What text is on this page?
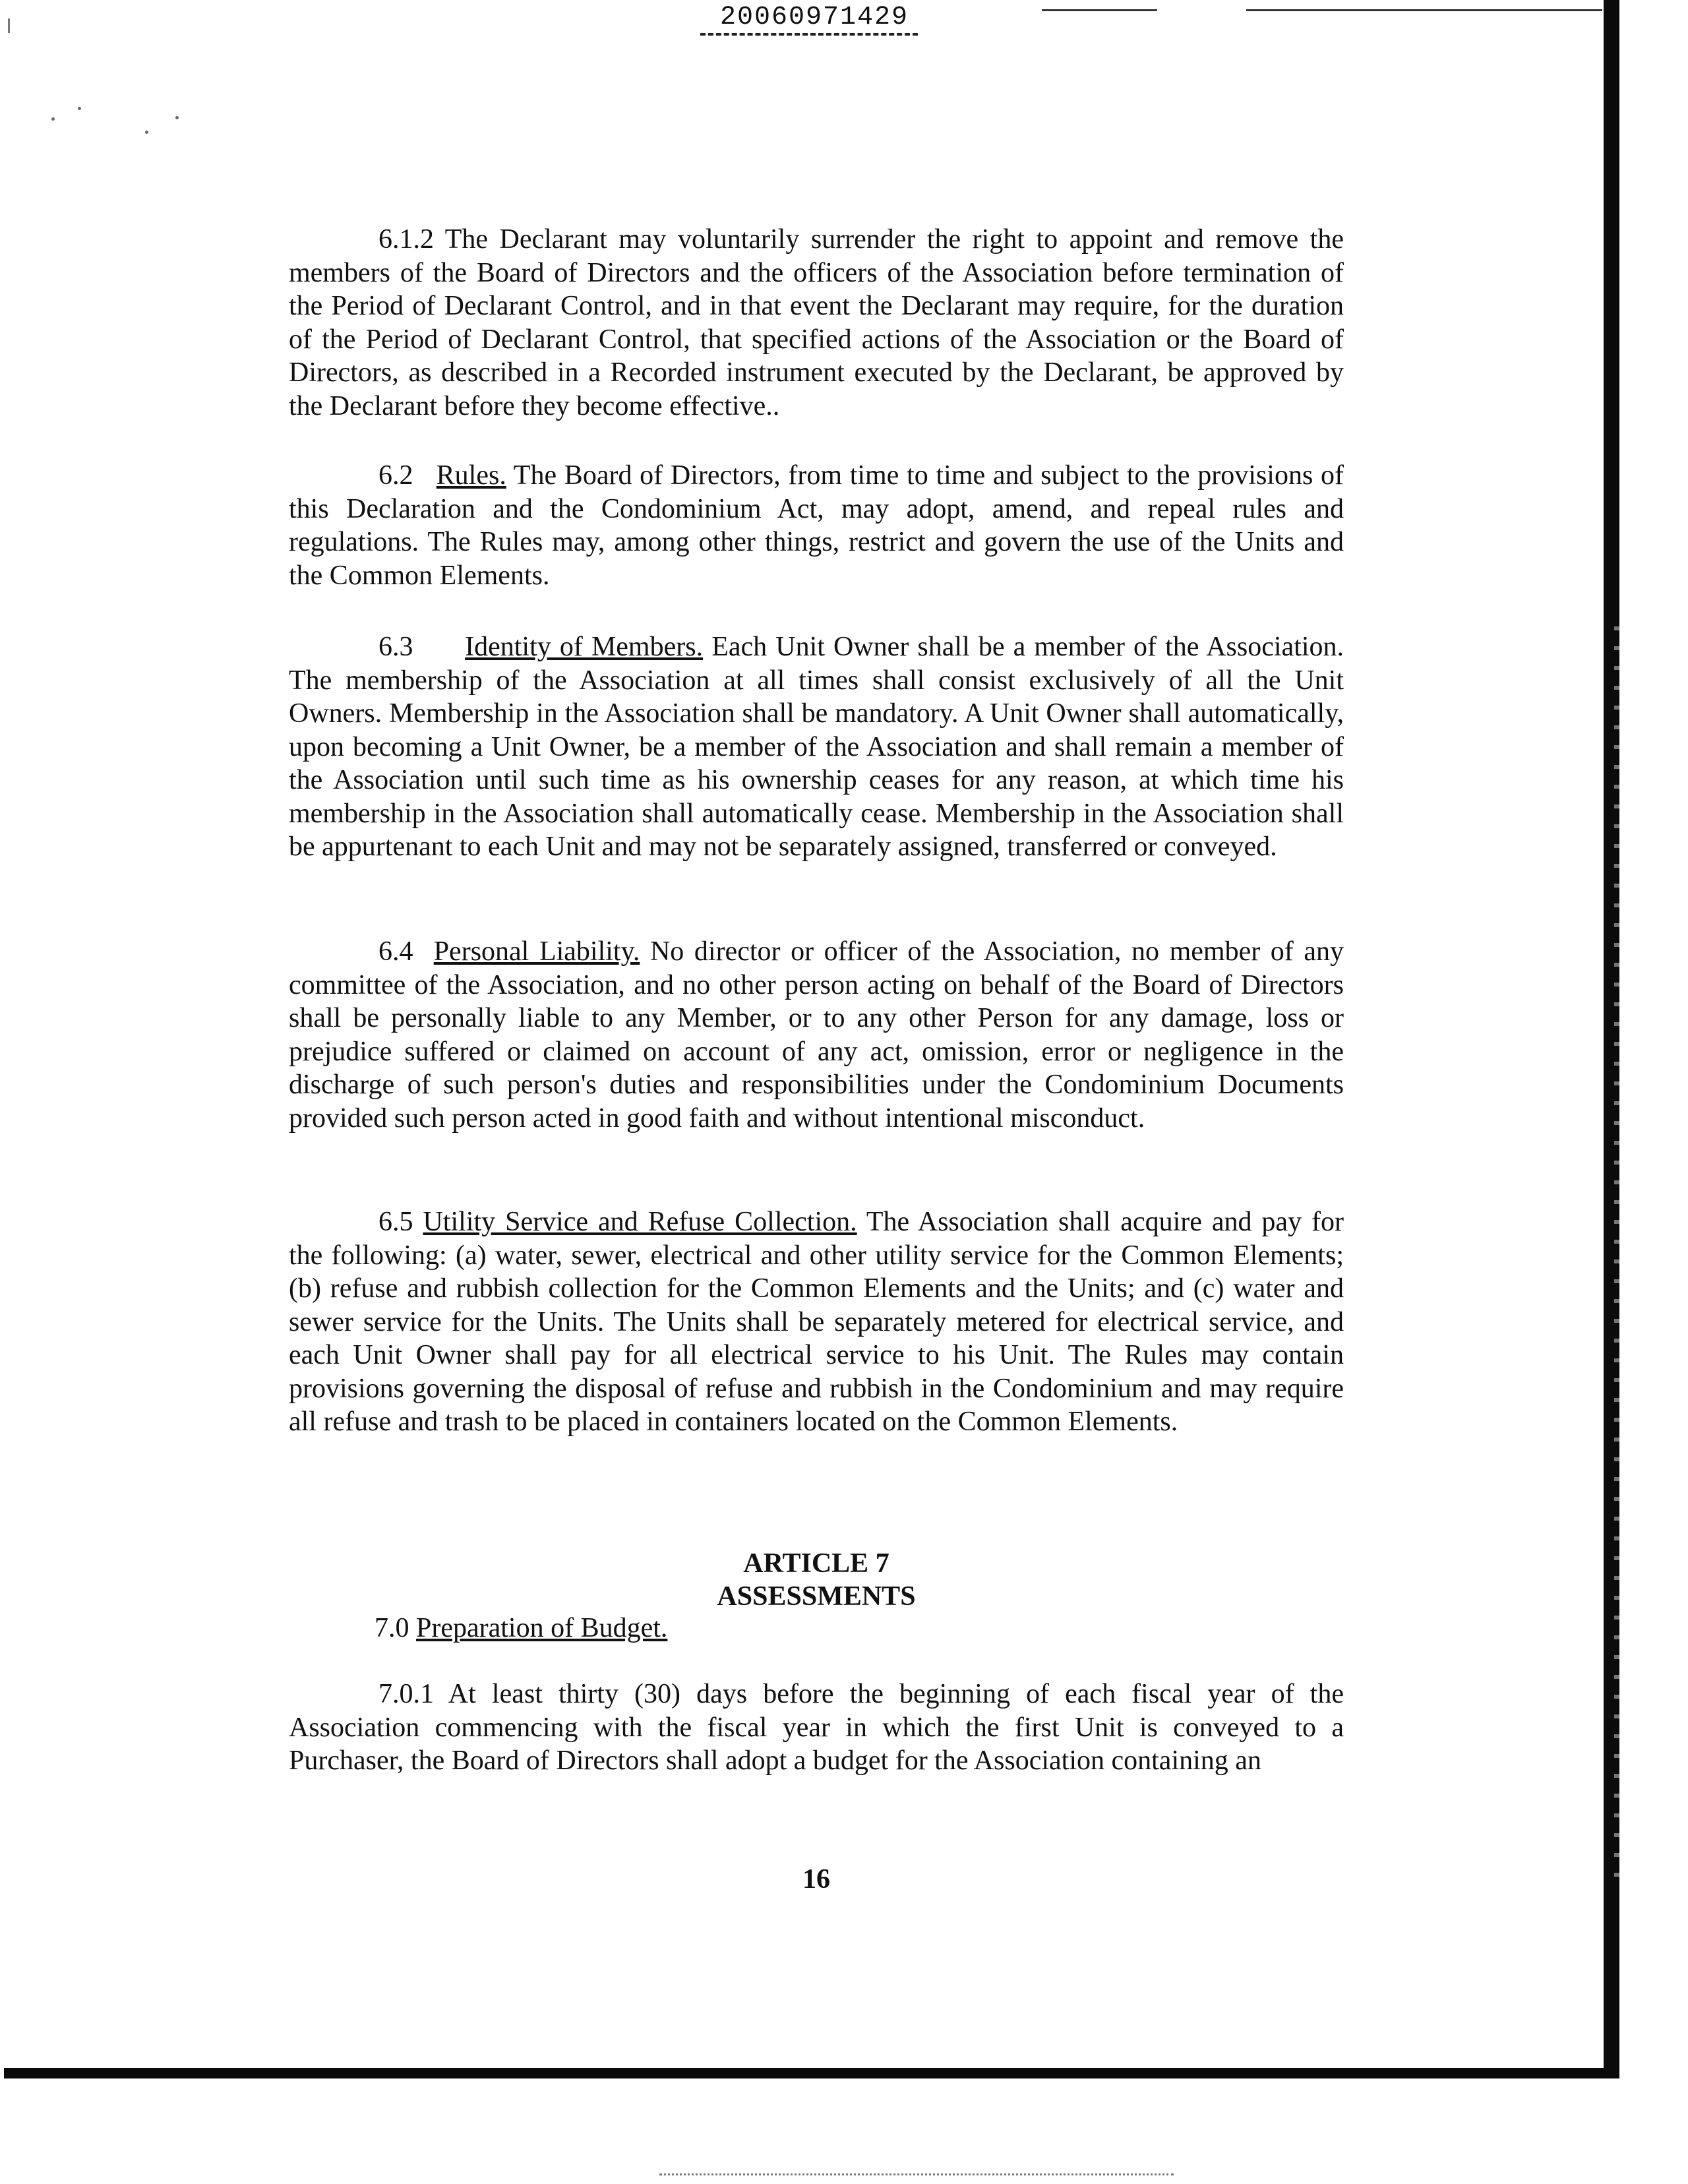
20060971429

6.1.2 The Declarant may voluntarily surrender the right to appoint and remove the members of the Board of Directors and the officers of the Association before termination of the Period of Declarant Control, and in that event the Declarant may require, for the duration of the Period of Declarant Control, that specified actions of the Association or the Board of Directors, as described in a Recorded instrument executed by the Declarant, be approved by the Declarant before they become effective..

6.2 Rules. The Board of Directors, from time to time and subject to the provisions of this Declaration and the Condominium Act, may adopt, amend, and repeal rules and regulations. The Rules may, among other things, restrict and govern the use of the Units and the Common Elements.

6.3 Identity of Members. Each Unit Owner shall be a member of the Association. The membership of the Association at all times shall consist exclusively of all the Unit Owners. Membership in the Association shall be mandatory. A Unit Owner shall automatically, upon becoming a Unit Owner, be a member of the Association and shall remain a member of the Association until such time as his ownership ceases for any reason, at which time his membership in the Association shall automatically cease. Membership in the Association shall be appurtenant to each Unit and may not be separately assigned, transferred or conveyed.

6.4 Personal Liability. No director or officer of the Association, no member of any committee of the Association, and no other person acting on behalf of the Board of Directors shall be personally liable to any Member, or to any other Person for any damage, loss or prejudice suffered or claimed on account of any act, omission, error or negligence in the discharge of such person's duties and responsibilities under the Condominium Documents provided such person acted in good faith and without intentional misconduct.

6.5 Utility Service and Refuse Collection. The Association shall acquire and pay for the following: (a) water, sewer, electrical and other utility service for the Common Elements; (b) refuse and rubbish collection for the Common Elements and the Units; and (c) water and sewer service for the Units. The Units shall be separately metered for electrical service, and each Unit Owner shall pay for all electrical service to his Unit. The Rules may contain provisions governing the disposal of refuse and rubbish in the Condominium and may require all refuse and trash to be placed in containers located on the Common Elements.

ARTICLE 7
ASSESSMENTS

7.0 Preparation of Budget.

7.0.1 At least thirty (30) days before the beginning of each fiscal year of the Association commencing with the fiscal year in which the first Unit is conveyed to a Purchaser, the Board of Directors shall adopt a budget for the Association containing an

16
